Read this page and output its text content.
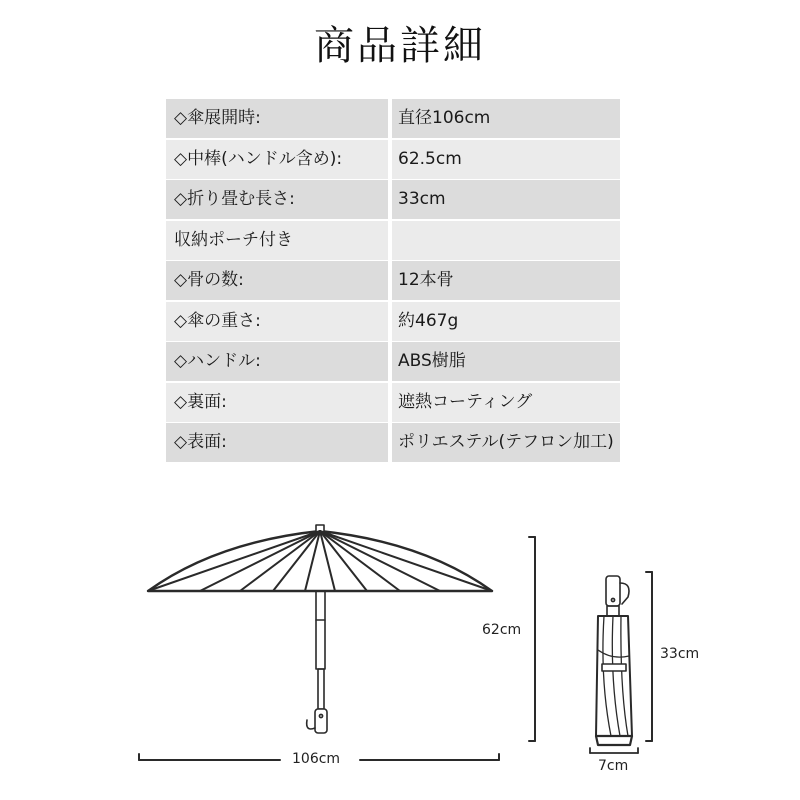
商品詳細
◇傘展開時:	直径106cm
◇中棒(ハンドル含め):	62.5cm
◇折り畳む長さ:	33cm
収納ポーチ付き
◇骨の数:	12本骨
◇傘の重さ:	約467g
◇ハンドル:	ABS樹脂
◇裏面:	遮熱コーティング
◇表面:	ポリエステル(テフロン加工)
106cm
62cm
33cm
7cm
